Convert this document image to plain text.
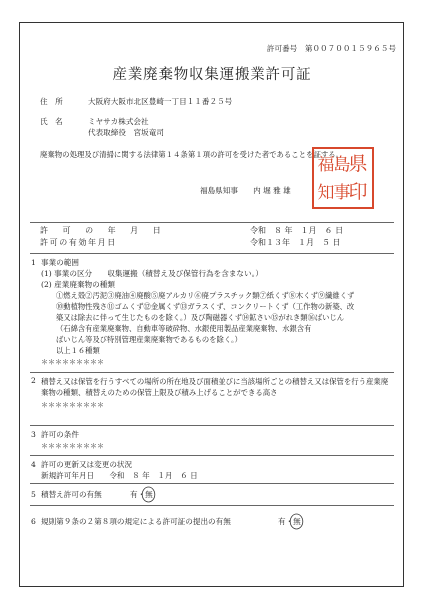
許可番号　第００７００１５９６５号
産業廃棄物収集運搬業許可証
住　所	大阪府大阪市北区豊崎一丁目１１番２５号
氏　名	ミヤサカ株式会社
代表取締役　宮坂竜司
廃棄物の処理及び清掃に関する法律第１４条第１項の許可を受けた者であることを証する。
福島県知事　　内 堀 雅 雄
県
印
島
事
福
知
許 可 の 年 月 日	令和　８ 年　１月　６ 日
許可の有効年月日	令和１３年　１月　５ 日
1 事業の範囲
(1) 事業の区分　　収集運搬（積替え及び保管行為を含まない。）
(2) 産業廃棄物の種類
①燃え殻②汚泥③廃油④廃酸⑤廃アルカリ⑥廃プラスチック類⑦紙くず⑧木くず⑨繊維くず
⑩動植物性残さ⑪ゴムくず⑫金属くず⑬ガラスくず、コンクリートくず（工作物の新築、改
築又は除去に伴って生じたものを除く。）及び陶磁器くず⑭鉱さい⑮がれき類⑯ばいじん
（石綿含有産業廃棄物、自動車等破砕物、水銀使用製品産業廃棄物、水銀含有
ばいじん等及び特別管理産業廃棄物であるものを除く。）
以上１６種類
＊＊＊＊＊＊＊＊＊
2 積替え又は保管を行うすべての場所の所在地及び面積並びに当該場所ごとの積替え又は保管を行う産業廃棄物の種類、積替えのための保管上限及び積み上げることができる高さ
＊＊＊＊＊＊＊＊＊
3 許可の条件
＊＊＊＊＊＊＊＊＊
4 許可の更新又は変更の状況
新規許可年月日　　令和　８ 年　１月　６ 日
5 積替え許可の有無	有・無
6 規則第９条の２第８項の規定による許可証の提出の有無	有・無
